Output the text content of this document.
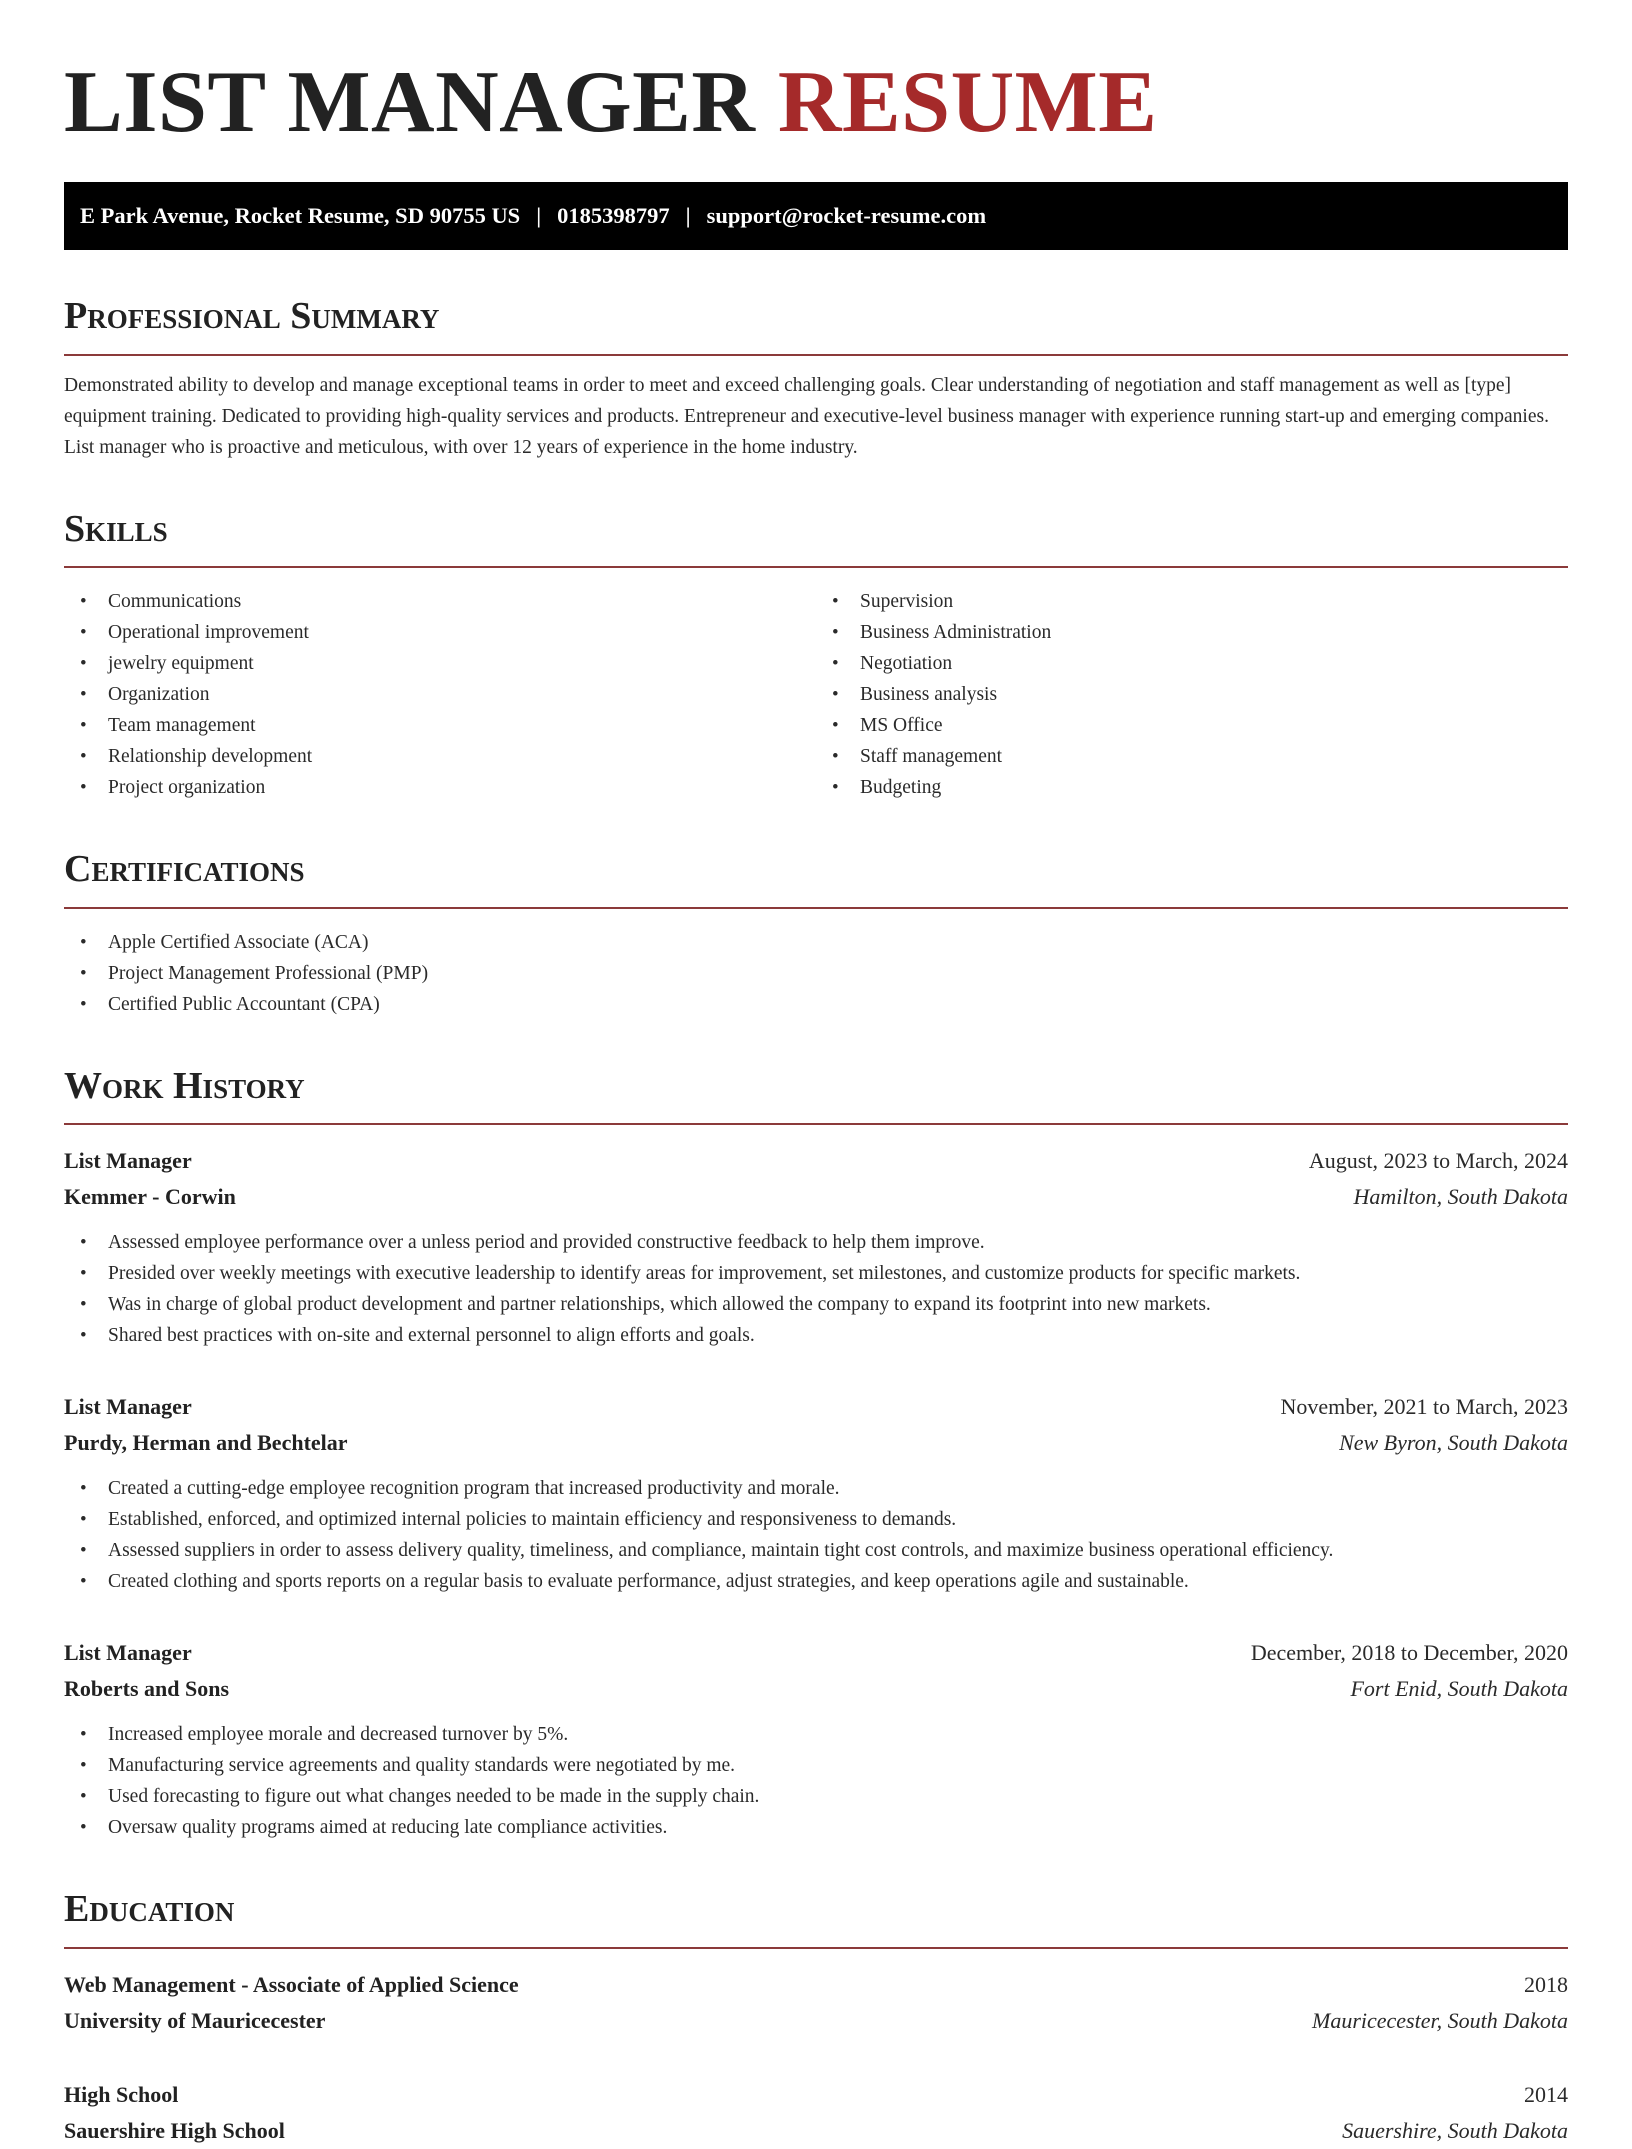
LIST MANAGER RESUME
E Park Avenue, Rocket Resume, SD 90755 US | 0185398797 | support@rocket-resume.com
Professional Summary

Demonstrated ability to develop and manage exceptional teams in order to meet and exceed challenging goals. Clear understanding of negotiation and staff management as well as [type] equipment training. Dedicated to providing high-quality services and products. Entrepreneur and executive-level business manager with experience running start-up and emerging companies. List manager who is proactive and meticulous, with over 12 years of experience in the home industry.

Skills
• Communications
• Operational improvement
• jewelry equipment
• Organization
• Team management
• Relationship development
• Project organization
• Supervision
• Business Administration
• Negotiation
• Business analysis
• MS Office
• Staff management
• Budgeting
Certifications
• Apple Certified Associate (ACA)
• Project Management Professional (PMP)
• Certified Public Accountant (CPA)
Work History
List Manager	August, 2023 to March, 2024
Kemmer - Corwin	Hamilton, South Dakota
• Assessed employee performance over a unless period and provided constructive feedback to help them improve.
• Presided over weekly meetings with executive leadership to identify areas for improvement, set milestones, and customize products for specific markets.
• Was in charge of global product development and partner relationships, which allowed the company to expand its footprint into new markets.
• Shared best practices with on-site and external personnel to align efforts and goals.
List Manager	November, 2021 to March, 2023
Purdy, Herman and Bechtelar	New Byron, South Dakota
• Created a cutting-edge employee recognition program that increased productivity and morale.
• Established, enforced, and optimized internal policies to maintain efficiency and responsiveness to demands.
• Assessed suppliers in order to assess delivery quality, timeliness, and compliance, maintain tight cost controls, and maximize business operational efficiency.
• Created clothing and sports reports on a regular basis to evaluate performance, adjust strategies, and keep operations agile and sustainable.
List Manager	December, 2018 to December, 2020
Roberts and Sons	Fort Enid, South Dakota
• Increased employee morale and decreased turnover by 5%.
• Manufacturing service agreements and quality standards were negotiated by me.
• Used forecasting to figure out what changes needed to be made in the supply chain.
• Oversaw quality programs aimed at reducing late compliance activities.
Education
Web Management - Associate of Applied Science	2018
University of Mauricecester	Mauricecester, South Dakota
High School	2014
Sauershire High School	Sauershire, South Dakota
